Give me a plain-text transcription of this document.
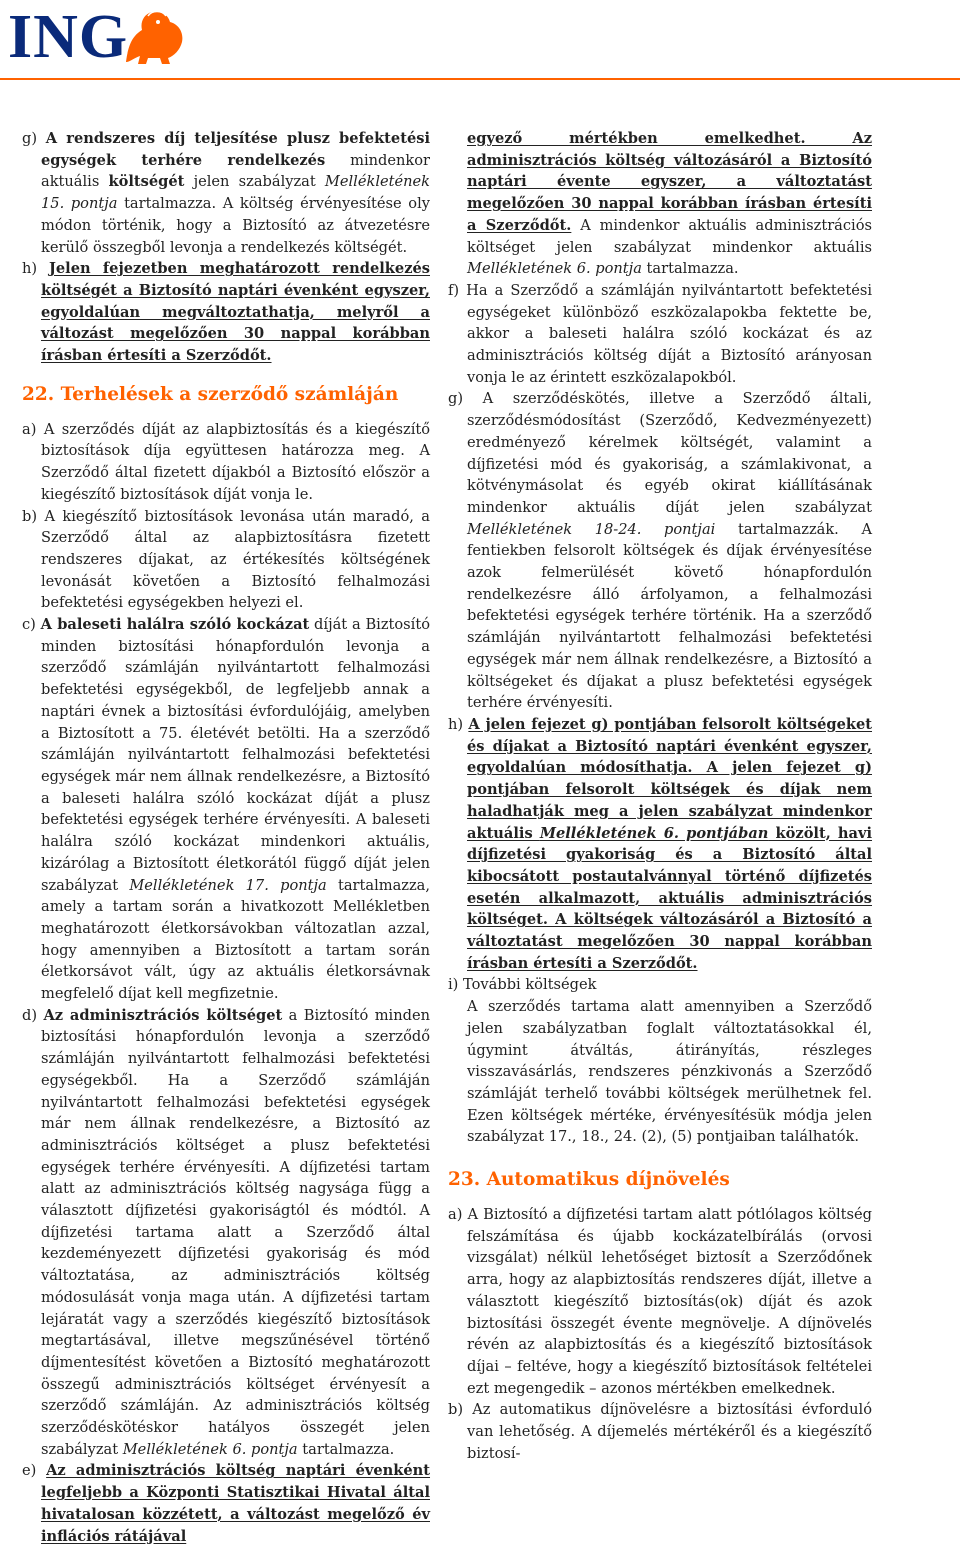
ING

g) A rendszeres díj teljesítése plusz befektetési egységek terhére rendelkezés mindenkor aktuális költségét jelen szabályzat Mellékletének 15. pontja tartalmazza. A költség érvényesítése oly módon történik, hogy a Biztosító az átvezetésre kerülő összegből levonja a rendelkezés költségét.

h) Jelen fejezetben meghatározott rendelkezés költségét a Biztosító naptári évenként egyszer, egyoldalúan megváltoztathatja, melyről a változást megelőzően 30 nappal korábban írásban értesíti a Szerződőt.

22. Terhelések a szerződő számláján

a) A szerződés díját az alapbiztosítás és a kiegészítő biztosítások díja együttesen határozza meg. A Szerződő által fizetett díjakból a Biztosító először a kiegészítő biztosítások díját vonja le.

b) A kiegészítő biztosítások levonása után maradó, a Szerződő által az alapbiztosításra fizetett rendszeres díjakat, az értékesítés költségének levonását követően a Biztosító felhalmozási befektetési egységekben helyezi el.

c) A baleseti halálra szóló kockázat díját a Biztosító minden biztosítási hónapfordulón levonja a szerződő számláján nyilvántartott felhalmozási befektetési egységekből, de legfeljebb annak a naptári évnek a biztosítási évfordulójáig, amelyben a Biztosított a 75. életévét betölti. Ha a szerződő számláján nyilvántartott felhalmozási befektetési egységek már nem állnak rendelkezésre, a Biztosító a baleseti halálra szóló kockázat díját a plusz befektetési egységek terhére érvényesíti. A baleseti halálra szóló kockázat mindenkori aktuális, kizárólag a Biztosított életkorától függő díját jelen szabályzat Mellékletének 17. pontja tartalmazza, amely a tartam során a hivatkozott Mellékletben meghatározott életkorsávokban változatlan azzal, hogy amennyiben a Biztosított a tartam során életkorsávot vált, úgy az aktuális életkorsávnak megfelelő díjat kell megfizetnie.

d) Az adminisztrációs költséget a Biztosító minden biztosítási hónapfordulón levonja a szerződő számláján nyilvántartott felhalmozási befektetési egységekből. Ha a Szerződő számláján nyilvántartott felhalmozási befektetési egységek már nem állnak rendelkezésre, a Biztosító az adminisztrációs költséget a plusz befektetési egységek terhére érvényesíti. A díjfizetési tartam alatt az adminisztrációs költség nagysága függ a választott díjfizetési gyakoriságtól és módtól. A díjfizetési tartama alatt a Szerződő által kezdeményezett díjfizetési gyakoriság és mód változtatása, az adminisztrációs költség módosulását vonja maga után. A díjfizetési tartam lejáratát vagy a szerződés kiegészítő biztosítások megtartásával, illetve megszűnésével történő díjmentesítést követően a Biztosító meghatározott összegű adminisztrációs költséget érvényesít a szerződő számláján. Az adminisztrációs költség szerződéskötéskor hatályos összegét jelen szabályzat Mellékletének 6. pontja tartalmazza.

e) Az adminisztrációs költség naptári évenként legfeljebb a Központi Statisztikai Hivatal által hivatalosan közzétett, a változást megelőző év inflációs rátájával

egyező mértékben emelkedhet. Az adminisztrációs költség változásáról a Biztosító naptári évente egyszer, a változtatást megelőzően 30 nappal korábban írásban értesíti a Szerződőt. A mindenkor aktuális adminisztrációs költséget jelen szabályzat mindenkor aktuális Mellékletének 6. pontja tartalmazza.

f) Ha a Szerződő a számláján nyilvántartott befektetési egységeket különböző eszközalapokba fektette be, akkor a baleseti halálra szóló kockázat és az adminisztrációs költség díját a Biztosító arányosan vonja le az érintett eszközalapokból.

g) A szerződéskötés, illetve a Szerződő általi, szerződésmódosítást (Szerződő, Kedvezményezett) eredményező kérelmek költségét, valamint a díjfizetési mód és gyakoriság, a számlakivonat, a kötvénymásolat és egyéb okirat kiállításának mindenkor aktuális díját jelen szabályzat Mellékletének 18-24. pontjai tartalmazzák. A fentiekben felsorolt költségek és díjak érvényesítése azok felmerülését követő hónapfordulón rendelkezésre álló árfolyamon, a felhalmozási befektetési egységek terhére történik. Ha a szerződő számláján nyilvántartott felhalmozási befektetési egységek már nem állnak rendelkezésre, a Biztosító a költségeket és díjakat a plusz befektetési egységek terhére érvényesíti.

h) A jelen fejezet g) pontjában felsorolt költségeket és díjakat a Biztosító naptári évenként egyszer, egyoldalúan módosíthatja. A jelen fejezet g) pontjában felsorolt költségek és díjak nem haladhatják meg a jelen szabályzat mindenkor aktuális Mellékletének 6. pontjában közölt, havi díjfizetési gyakoriság és a Biztosító által kibocsátott postautalvánnyal történő díjfizetés esetén alkalmazott, aktuális adminisztrációs költséget. A költségek változásáról a Biztosító a változtatást megelőzően 30 nappal korábban írásban értesíti a Szerződőt.

i) További költségek

A szerződés tartama alatt amennyiben a Szerződő jelen szabályzatban foglalt változtatásokkal él, úgymint átváltás, átirányítás, részleges visszavásárlás, rendszeres pénzkivonás a Szerződő számláját terhelő további költségek merülhetnek fel. Ezen költségek mértéke, érvényesítésük módja jelen szabályzat 17., 18., 24. (2), (5) pontjaiban találhatók.

23. Automatikus díjnövelés

a) A Biztosító a díjfizetési tartam alatt pótlólagos költség felszámítása és újabb kockázatelbírálás (orvosi vizsgálat) nélkül lehetőséget biztosít a Szerződőnek arra, hogy az alapbiztosítás rendszeres díját, illetve a választott kiegészítő biztosítás(ok) díját és azok biztosítási összegét évente megnövelje. A díjnövelés révén az alapbiztosítás és a kiegészítő biztosítások díjai – feltéve, hogy a kiegészítő biztosítások feltételei ezt megengedik – azonos mértékben emelkednek.

b) Az automatikus díjnövelésre a biztosítási évforduló van lehetőség. A díjemelés mértékéről és a kiegészítő biztosí-
